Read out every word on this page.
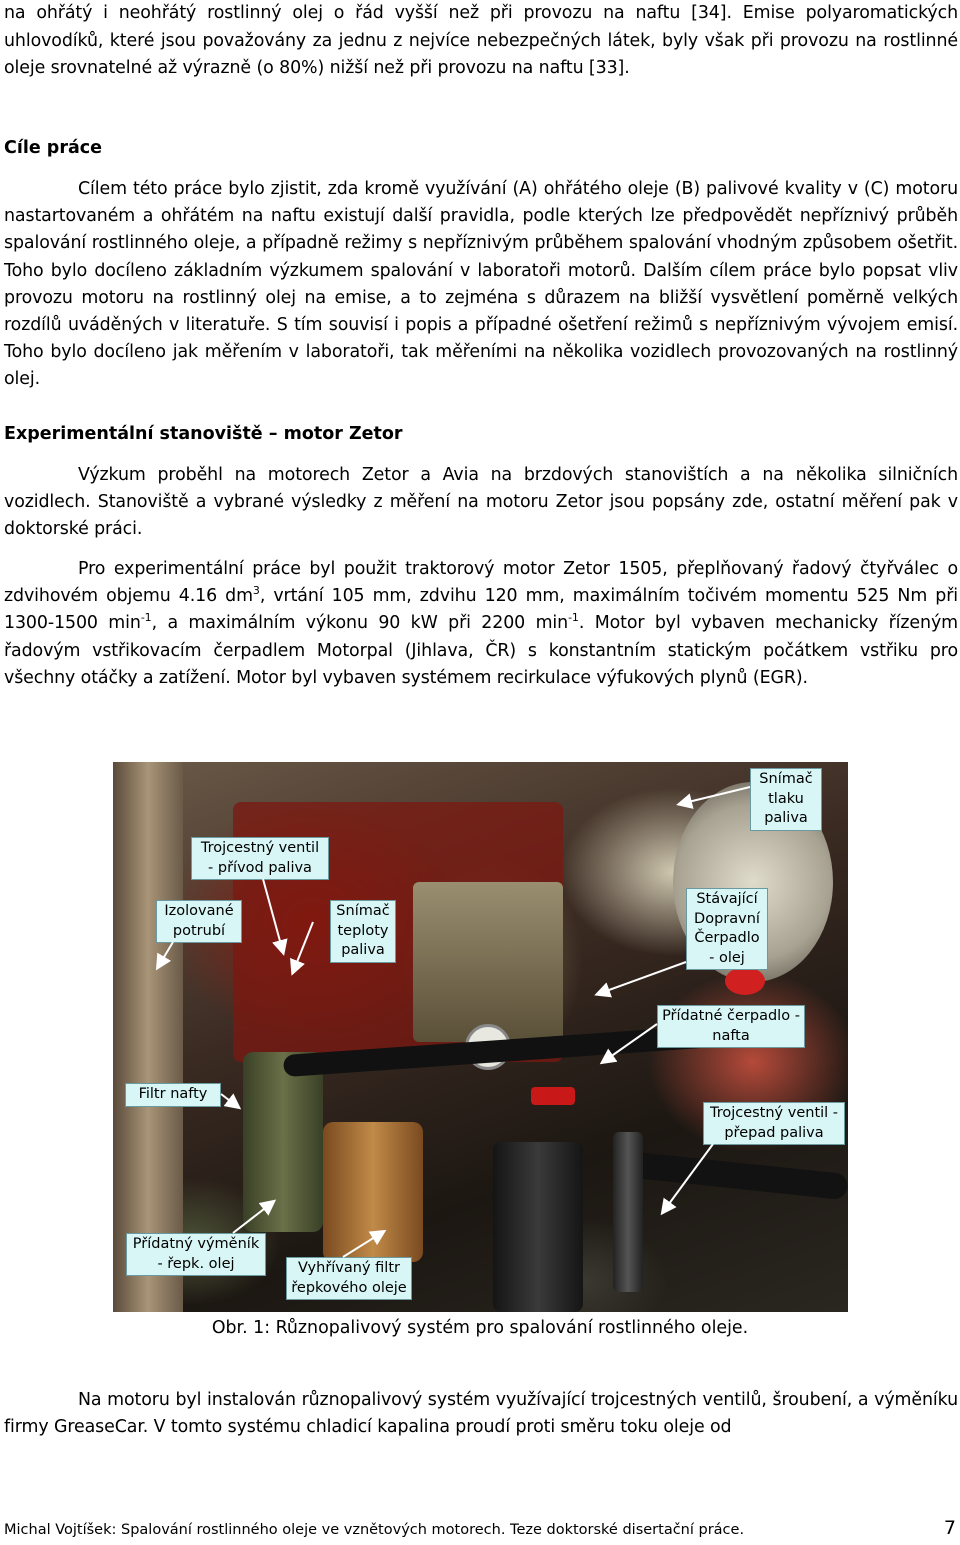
na ohřátý i neohřátý rostlinný olej o řád vyšší než při provozu na naftu [34]. Emise polyaromatických uhlovodíků, které jsou považovány za jednu z nejvíce nebezpečných látek, byly však při provozu na rostlinné oleje srovnatelné až výrazně (o 80%) nižší než při provozu na naftu [33].
Cíle práce
Cílem této práce bylo zjistit, zda kromě využívání (A) ohřátého oleje (B) palivové kvality v (C) motoru nastartovaném a ohřátém na naftu existují další pravidla, podle kterých lze předpovědět nepříznivý průběh spalování rostlinného oleje, a případně režimy s nepříznivým průběhem spalování vhodným způsobem ošetřit. Toho bylo docíleno základním výzkumem spalování v laboratoři motorů. Dalším cílem práce bylo popsat vliv provozu motoru na rostlinný olej na emise, a to zejména s důrazem na bližší vysvětlení poměrně velkých rozdílů uváděných v literatuře. S tím souvisí i popis a případné ošetření režimů s nepříznivým vývojem emisí. Toho bylo docíleno jak měřením v laboratoři, tak měřeními na několika vozidlech provozovaných na rostlinný olej.
Experimentální stanoviště – motor Zetor
Výzkum proběhl na motorech Zetor a Avia na brzdových stanovištích a na několika silničních vozidlech. Stanoviště a vybrané výsledky z měření na motoru Zetor jsou popsány zde, ostatní měření pak v doktorské práci.
Pro experimentální práce byl použit traktorový motor Zetor 1505, přeplňovaný řadový čtyřválec o zdvihovém objemu 4.16 $dm^3$, vrtání 105 mm, zdvihu 120 mm, maximálním točivém momentu 525 Nm při 1300-1500 $\min^{-1}$, a maximálním výkonu 90 kW při 2200 $\min^{-1}$. Motor byl vybaven mechanicky řízeným řadovým vstřikovacím čerpadlem Motorpal (Jihlava, ČR) s konstantním statickým počátkem vstřiku pro všechny otáčky a zatížení. Motor byl vybaven systémem recirkulace výfukových plynů (EGR).
Snímač tlaku paliva
Trojcestný ventil - přívod paliva
Izolované potrubí
Snímač teploty paliva
Stávající Dopravní Čerpadlo - olej
Přídatné čerpadlo - nafta
Filtr nafty
Trojcestný ventil - přepad paliva
Přídatný výměník - řepk. olej	Vyhřívaný filtr řepkového oleje
Obr. 1: Různopalivový systém pro spalování rostlinného oleje.
Na motoru byl instalován různopalivový systém využívající trojcestných ventilů, šroubení, a výměníku firmy GreaseCar. V tomto systému chladicí kapalina proudí proti směru toku oleje od
Michal Vojtíšek: Spalování rostlinného oleje ve vznětových motorech. Teze doktorské disertační práce.	7
